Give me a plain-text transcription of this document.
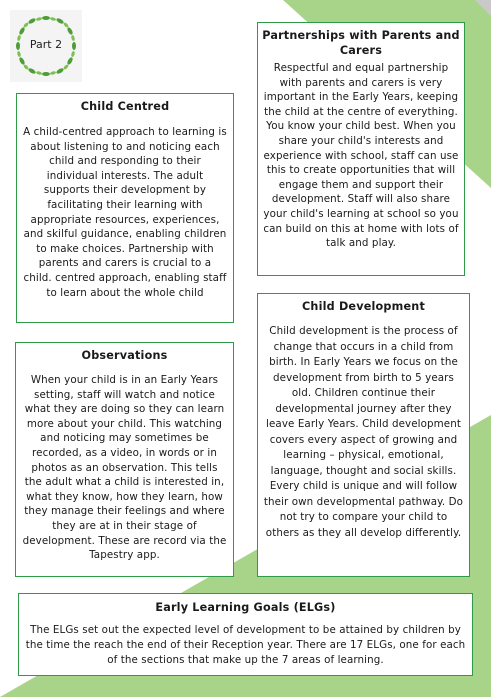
Part 2
Partnerships with Parents and Carers

Respectful and equal partnership with parents and carers is very important in the Early Years, keeping the child at the centre of everything. You know your child best. When you share your child's interests and experience with school, staff can use this to create opportunities that will engage them and support their development. Staff will also share your child's learning at school so you can build on this at home with lots of talk and play.

Child Centred

A child-centred approach to learning is about listening to and noticing each child and responding to their individual interests. The adult supports their development by facilitating their learning with appropriate resources, experiences, and skilful guidance, enabling children to make choices. Partnership with parents and carers is crucial to a child. centred approach, enabling staff to learn about the whole child

Observations

When your child is in an Early Years setting, staff will watch and notice what they are doing so they can learn more about your child. This watching and noticing may sometimes be recorded, as a video, in words or in photos as an observation. This tells the adult what a child is interested in, what they know, how they learn, how they manage their feelings and where they are at in their stage of development. These are record via the Tapestry app.

Child Development

Child development is the process of change that occurs in a child from birth. In Early Years we focus on the development from birth to 5 years old. Children continue their developmental journey after they leave Early Years. Child development covers every aspect of growing and learning – physical, emotional, language, thought and social skills. Every child is unique and will follow their own developmental pathway. Do not try to compare your child to others as they all develop differently.

Early Learning Goals (ELGs)

The ELGs set out the expected level of development to be attained by children by the time the reach the end of their Reception year. There are 17 ELGs, one for each of the sections that make up the 7 areas of learning.
